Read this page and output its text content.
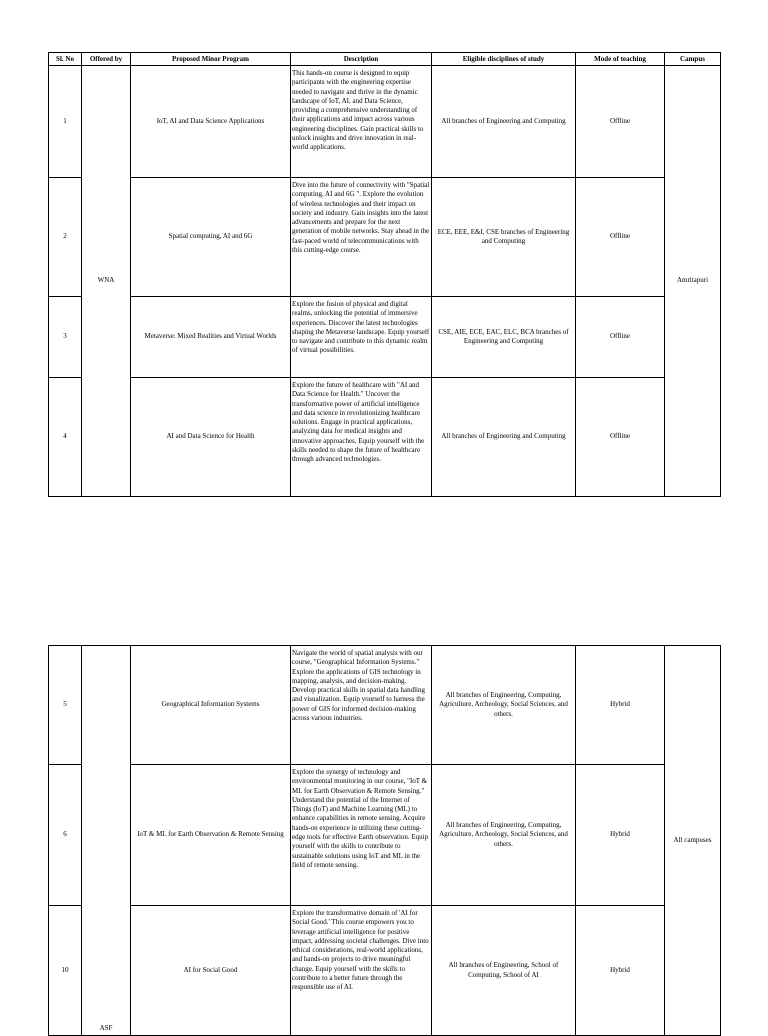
Sl. No	Offered by	Proposed Minor Program	Description	Eligible disciplines of study	Mode of teaching	Campus
1	WNA	IoT, AI and Data Science Applications	This hands-on course is designed to equip participants with the engineering expertise needed to navigate and thrive in the dynamic landscape of IoT, AI, and Data Science, providing a comprehensive understanding of their applications and impact across various engineering disciplines. Gain practical skills to unlock insights and drive innovation in real-world applications.	All branches of Engineering and Computing	Offline	Amritapuri
2		Spatial computing, AI and 6G	Dive into the future of connectivity with "Spatial computing, AI and 6G ". Explore the evolution of wireless technologies and their impact on society and industry. Gain insights into the latest advancements and prepare for the next generation of mobile networks. Stay ahead in the fast-paced world of telecommunications with this cutting-edge course.	ECE, EEE, E&I, CSE branches of Engineering and Computing	Offline	
3		Metaverse: Mixed Realities and Virtual Worlds	Explore the fusion of physical and digital realms, unlocking the potential of immersive experiences. Discover the latest technologies shaping the Metaverse landscape. Equip yourself to navigate and contribute to this dynamic realm of virtual possibilities.	CSE, AIE, ECE, EAC, ELC, BCA branches of Engineering and Computing	Offline	
4		AI and Data Science for Health	Explore the future of healthcare with "AI and Data Science for Health." Uncover the transformative power of artificial intelligence and data science in revolutionizing healthcare solutions. Engage in practical applications, analyzing data for medical insights and innovative approaches. Equip yourself with the skills needed to shape the future of healthcare through advanced technologies.	All branches of Engineering and Computing	Offline	
5	ASF	Geographical Information Systems	Navigate the world of spatial analysis with our course, "Geographical Information Systems." Explore the applications of GIS technology in mapping, analysis, and decision-making. Develop practical skills in spatial data handling and visualization. Equip yourself to harness the power of GIS for informed decision-making across various industries.	All branches of Engineering, Computing, Agriculture, Archeology, Social Sciences, and others.	Hybrid	All campuses
6		IoT & ML for Earth Observation & Remote Sensing	Explore the synergy of technology and environmental monitoring in our course, "IoT & ML for Earth Observation & Remote Sensing." Understand the potential of the Internet of Things (IoT) and Machine Learning (ML) to enhance capabilities in remote sensing. Acquire hands-on experience in utilizing these cutting-edge tools for effective Earth observation. Equip yourself with the skills to contribute to sustainable solutions using IoT and ML in the field of remote sensing.	All branches of Engineering, Computing, Agriculture, Archeology, Social Sciences, and others.	Hybrid	
10		AI for Social Good	Explore the transformative domain of 'AI for Social Good.' This course empowers you to leverage artificial intelligence for positive impact, addressing societal challenges. Dive into ethical considerations, real-world applications, and hands-on projects to drive meaningful change. Equip yourself with the skills to contribute to a better future through the responsible use of AI.	All branches of Engineering, School of Computing, School of AI	Hybrid	
